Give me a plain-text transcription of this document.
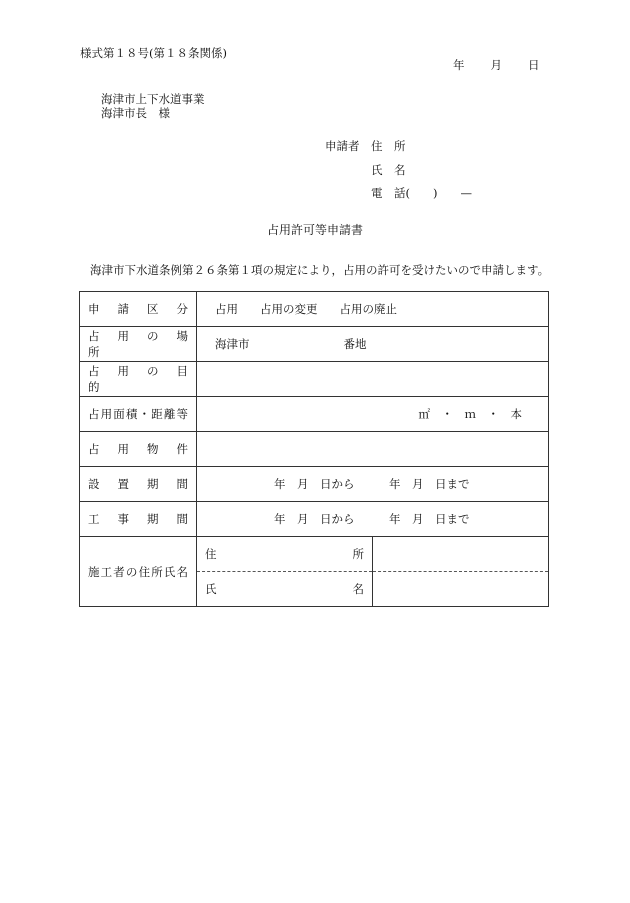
様式第１８号(第１８条関係)
年 月 日
海津市上下水道事業
海津市長　様
申請者 住　所
氏　名
電　話(　　)　　—
占用許可等申請書
海津市下水道条例第２６条第１項の規定により，占用の許可を受けたいので申請します。
申　請　区　分	占用 占用の変更 占用の廃止	
占　用　の　場　所	海津市 番地	
占　用　の　目　的		
占用面積・距離等	㎡　・　ｍ　・　本	
占　用　物　件		
設　置　期　間	年　月　日から　　　年　月　日まで	
工　事　期　間	年　月　日から　　　年　月　日まで	
施工者の住所氏名	住　所	
	氏　名	
